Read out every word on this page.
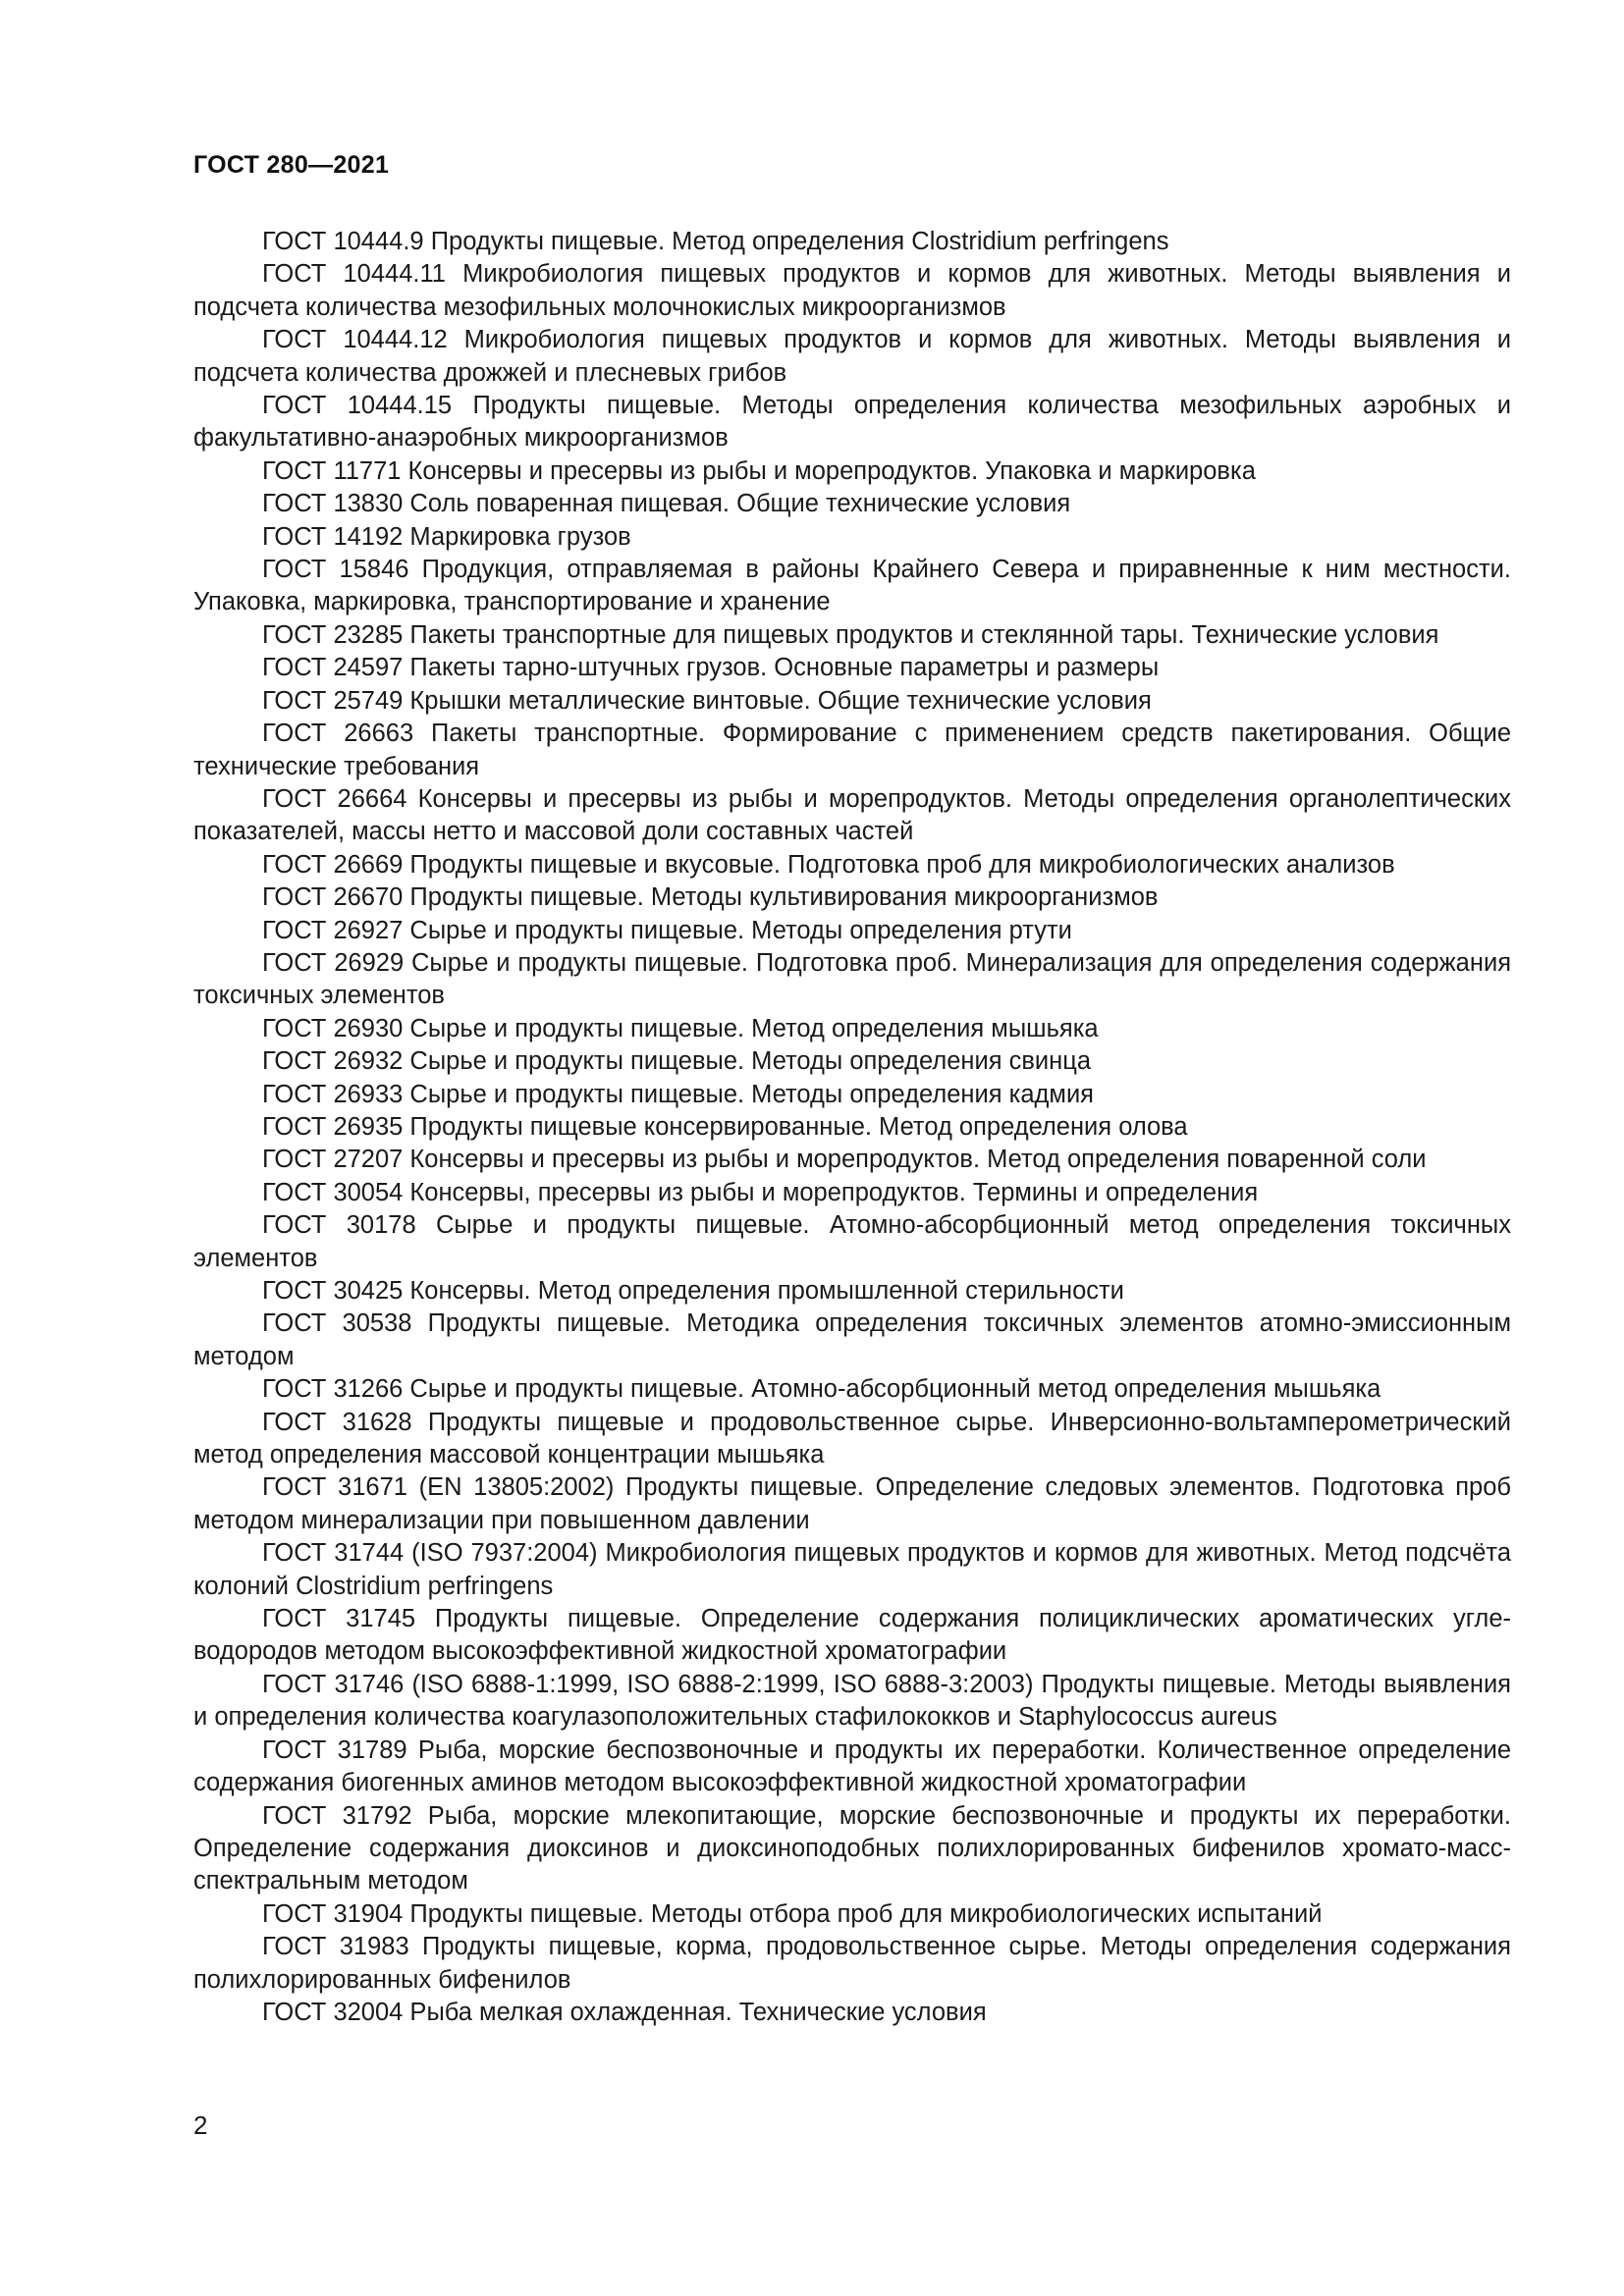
ГОСТ 280—2021

ГОСТ 10444.9 Продукты пищевые. Метод определения Clostridium perfringens

ГОСТ 10444.11 Микробиология пищевых продуктов и кормов для животных. Методы выявления и подсчета количества мезофильных молочнокислых микроорганизмов

ГОСТ 10444.12 Микробиология пищевых продуктов и кормов для животных. Методы выявления и подсчета количества дрожжей и плесневых грибов

ГОСТ 10444.15 Продукты пищевые. Методы определения количества мезофильных аэробных и факультативно-анаэробных микроорганизмов

ГОСТ 11771 Консервы и пресервы из рыбы и морепродуктов. Упаковка и маркировка

ГОСТ 13830 Соль поваренная пищевая. Общие технические условия

ГОСТ 14192 Маркировка грузов

ГОСТ 15846 Продукция, отправляемая в районы Крайнего Севера и приравненные к ним местности. Упаковка, маркировка, транспортирование и хранение

ГОСТ 23285 Пакеты транспортные для пищевых продуктов и стеклянной тары. Технические условия

ГОСТ 24597 Пакеты тарно-штучных грузов. Основные параметры и размеры

ГОСТ 25749 Крышки металлические винтовые. Общие технические условия

ГОСТ 26663 Пакеты транспортные. Формирование с применением средств пакетирования. Общие технические требования

ГОСТ 26664 Консервы и пресервы из рыбы и морепродуктов. Методы определения органолептических показателей, массы нетто и массовой доли составных частей

ГОСТ 26669 Продукты пищевые и вкусовые. Подготовка проб для микробиологических анализов

ГОСТ 26670 Продукты пищевые. Методы культивирования микроорганизмов

ГОСТ 26927 Сырье и продукты пищевые. Методы определения ртути

ГОСТ 26929 Сырье и продукты пищевые. Подготовка проб. Минерализация для определения содержания токсичных элементов

ГОСТ 26930 Сырье и продукты пищевые. Метод определения мышьяка

ГОСТ 26932 Сырье и продукты пищевые. Методы определения свинца

ГОСТ 26933 Сырье и продукты пищевые. Методы определения кадмия

ГОСТ 26935 Продукты пищевые консервированные. Метод определения олова

ГОСТ 27207 Консервы и пресервы из рыбы и морепродуктов. Метод определения поваренной соли

ГОСТ 30054 Консервы, пресервы из рыбы и морепродуктов. Термины и определения

ГОСТ 30178 Сырье и продукты пищевые. Атомно-абсорбционный метод определения токсичных элементов

ГОСТ 30425 Консервы. Метод определения промышленной стерильности

ГОСТ 30538 Продукты пищевые. Методика определения токсичных элементов атомно-эмиссионным методом

ГОСТ 31266 Сырье и продукты пищевые. Атомно-абсорбционный метод определения мышьяка

ГОСТ 31628 Продукты пищевые и продовольственное сырье. Инверсионно-вольтамперометрический метод определения массовой концентрации мышьяка

ГОСТ 31671 (EN 13805:2002) Продукты пищевые. Определение следовых элементов. Подготовка проб методом минерализации при повышенном давлении

ГОСТ 31744 (ISO 7937:2004) Микробиология пищевых продуктов и кормов для животных. Метод подсчёта колоний Clostridium perfringens

ГОСТ 31745 Продукты пищевые. Определение содержания полициклических ароматических углеводородов методом высокоэффективной жидкостной хроматографии

ГОСТ 31746 (ISO 6888-1:1999, ISO 6888-2:1999, ISO 6888-3:2003) Продукты пищевые. Методы выявления и определения количества коагулазоположительных стафилококков и Staphylococcus aureus

ГОСТ 31789 Рыба, морские беспозвоночные и продукты их переработки. Количественное определение содержания биогенных аминов методом высокоэффективной жидкостной хроматографии

ГОСТ 31792 Рыба, морские млекопитающие, морские беспозвоночные и продукты их переработки. Определение содержания диоксинов и диоксиноподобных полихлорированных бифенилов хромато-масс-спектральным методом

ГОСТ 31904 Продукты пищевые. Методы отбора проб для микробиологических испытаний

ГОСТ 31983 Продукты пищевые, корма, продовольственное сырье. Методы определения содержания полихлорированных бифенилов

ГОСТ 32004 Рыба мелкая охлажденная. Технические условия

2
